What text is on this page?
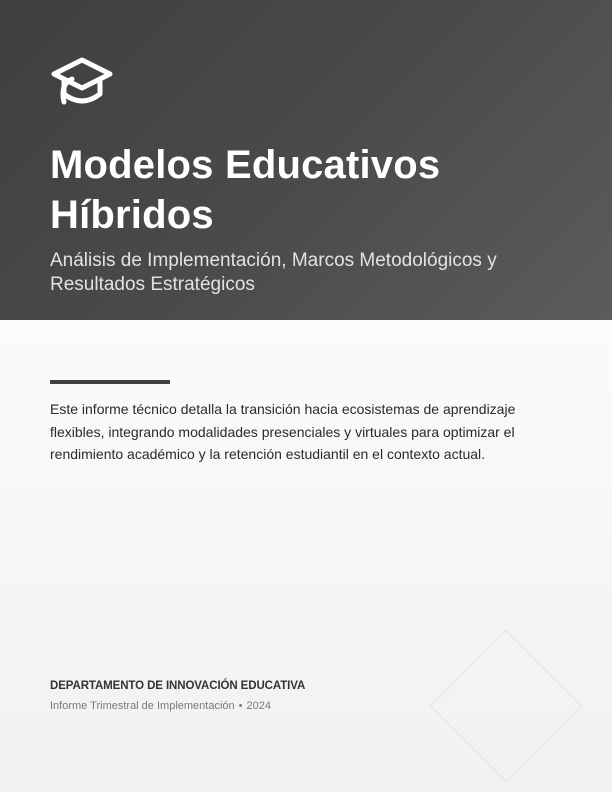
Modelos Educativos Híbridos

Análisis de Implementación, Marcos Metodológicos y Resultados Estratégicos

Este informe técnico detalla la transición hacia ecosistemas de aprendizaje flexibles, integrando modalidades presenciales y virtuales para optimizar el rendimiento académico y la retención estudiantil en el contexto actual.

DEPARTAMENTO DE INNOVACIÓN EDUCATIVA
Informe Trimestral de Implementación • 2024
